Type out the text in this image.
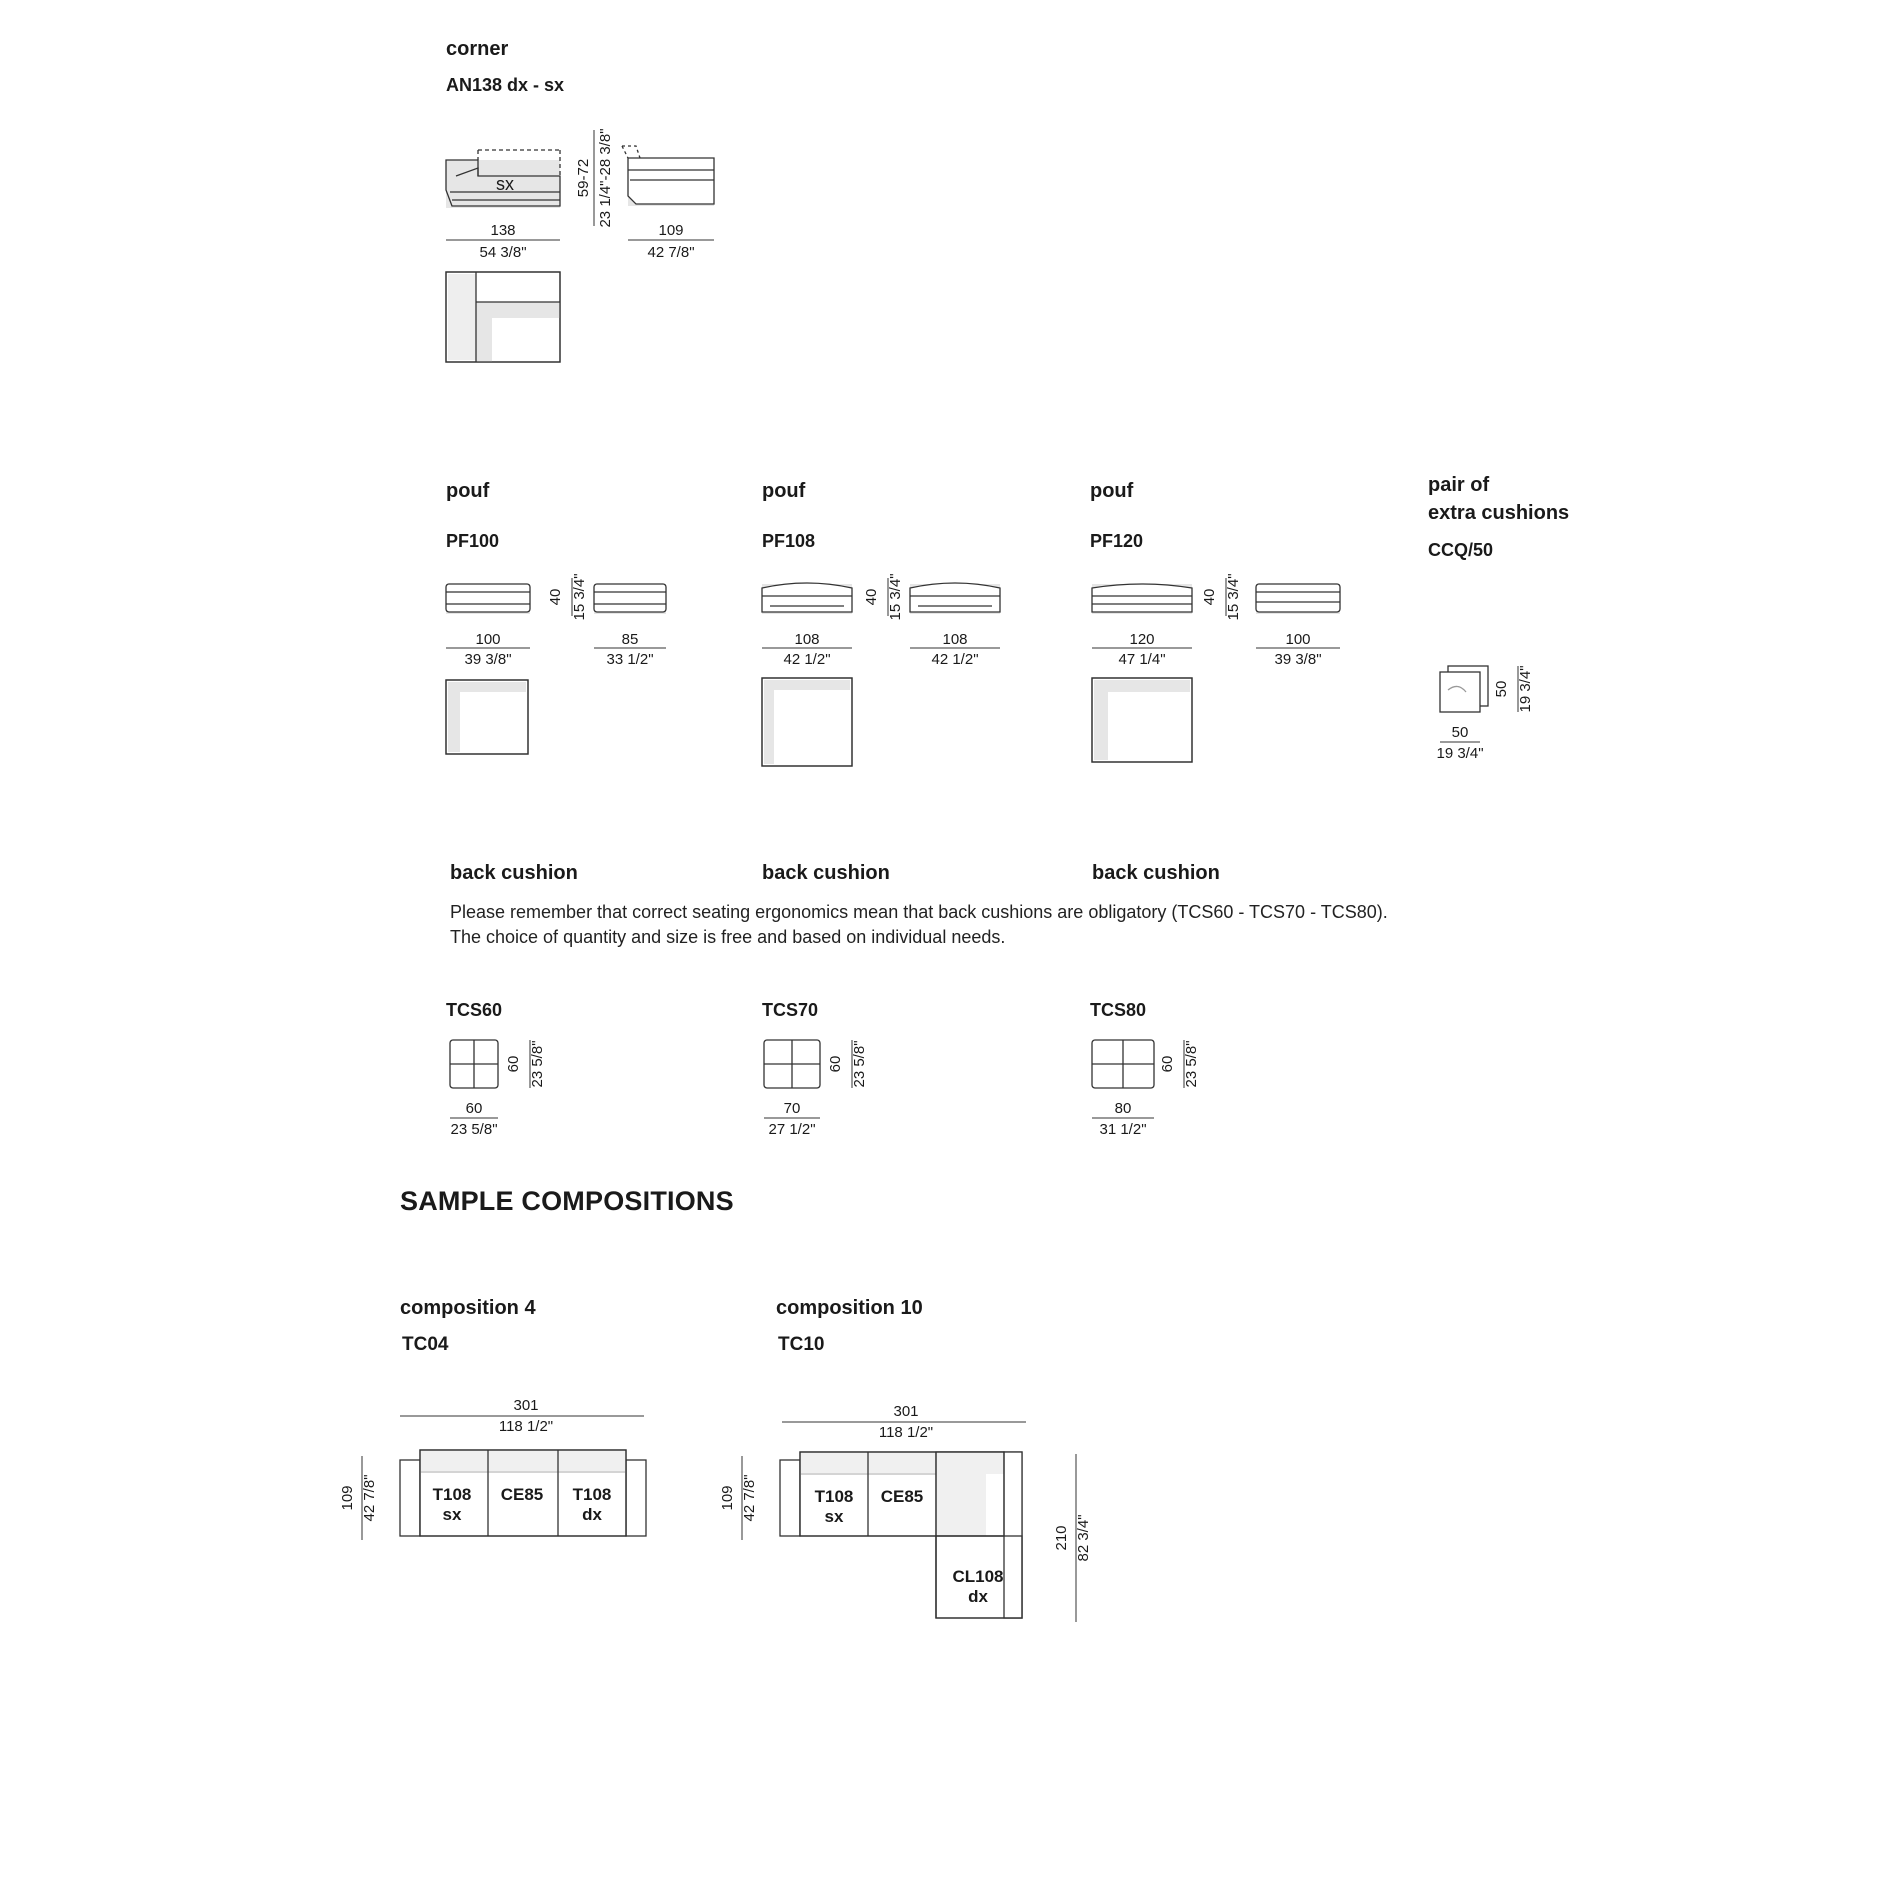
corner
AN138 dx - sx
pouf
PF100
pouf
PF108
pouf
PF120
pair of
extra cushions
CCQ/50
back cushion	back cushion	back cushion
Please remember that correct seating ergonomics mean that back cushions are obligatory (TCS60 - TCS70 - TCS80).
The choice of quantity and size is free and based on individual needs.
TCS60	TCS70	TCS80
SAMPLE COMPOSITIONS
composition 4
TC04
composition 10
TC10
sx
138
54 3/8"
59-72 23 1/4"-28 3/8"
109
42 7/8"
100
39 3/8"
40 15 3/4"
85
33 1/2"
108
42 1/2"
40 15 3/4"
108
42 1/2"
120
47 1/4"
40 15 3/4"
100
39 3/8"
50
19 3/4"
50 19 3/4"
60
23 5/8"
60 23 5/8"
70
27 1/2"
60 23 5/8"
80
31 1/2"
60 23 5/8"
301
118 1/2"
109 42 7/8"	T108
sx
CE85 T108
dx
301
118 1/2"
109 42 7/8"
210 82 3/4"
T108
sx
CE85
CL108
dx
